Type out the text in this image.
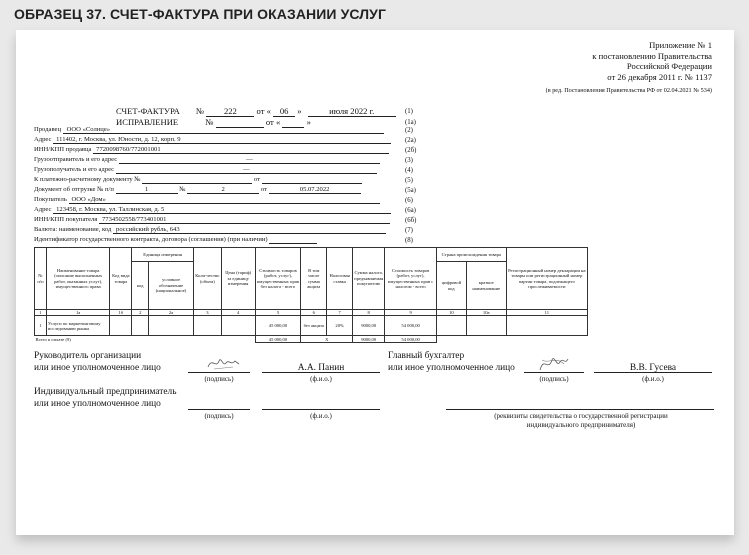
ОБРАЗЕЦ 37. СЧЕТ-ФАКТУРА ПРИ ОКАЗАНИИ УСЛУГ
Приложение № 1
к постановлению Правительства
Российской Федерации
от 26 декабря 2011 г. № 1137
(в ред. Постановления Правительства РФ от 02.04.2021 № 534)
СЧЕТ-ФАКТУРА № 222 от « 06 »	июля 2022 г.	(1)
ИСПРАВЛЕНИЕ	№	от «	»	(1а)
Продавец ООО «Солнце»	(2)
Адрес 111402, г. Москва, ул. Юности, д. 12, корп. 9	(2а)
ИНН/КПП продавца 7720098760/772001001	(2б)
Грузоотправитель и его адрес	—	(3)
Грузополучатель и его адрес	—	(4)
К платежно-расчетному документу №	от	(5)
Документ об отгрузке № п/п	1	№	2	от	05.07.2022	(5а)
Покупатель ООО «Дом»	(6)
Адрес 123458, г. Москва, ул. Таллинская, д. 5	(6а)
ИНН/КПП покупателя 7734502558/773401001	(6б)
Валюта: наименование, код российский рубль, 643	(7)
Идентификатор государственного контракта, договора (соглашения) (при наличии)	(8)
№ п/п	Наименование товара (описание выполненных работ, оказанных услуг), имущественного права	Код вида товара	Единица измерения		Коли-чество (объем)	Цена (тариф) за единицу измерения	Стоимость товаров (работ, услуг), имущественных прав без налога - всего	В том числе сумма акциза	Налоговая ставка	Сумма налога, предъявляемая покупателю	Стоимость товаров (работ, услуг), имущественных прав с налогом - всего	Страна происхождения товара		Регистрационный номер декларации на товары или регистрационный номер партии товара, подлежащего прослеживаемости
			код	условное обозначение (национальное)								цифровой код	краткое наименование	
1	1а	1б	2	2а	3	4	5	6	7	8	9	10	10а	11
1	Услуги по маркетинговому исследованию рынка						45 000,00	без акциза	20%	9000,00	54 000,00			
Всего к оплате (9)							45 000,00	X		9000,00	54 000,00			
Руководитель организации
или иное уполномоченное лицо
(подпись)
А.А. Панин
(ф.и.о.)
Главный бухгалтер
или иное уполномоченное лицо
(подпись)
В.В. Гусева
(ф.и.о.)
Индивидуальный предприниматель
или иное уполномоченное лицо
(подпись)	(ф.и.о.)	(реквизиты свидетельства о государственной регистрации
индивидуального предпринимателя)
